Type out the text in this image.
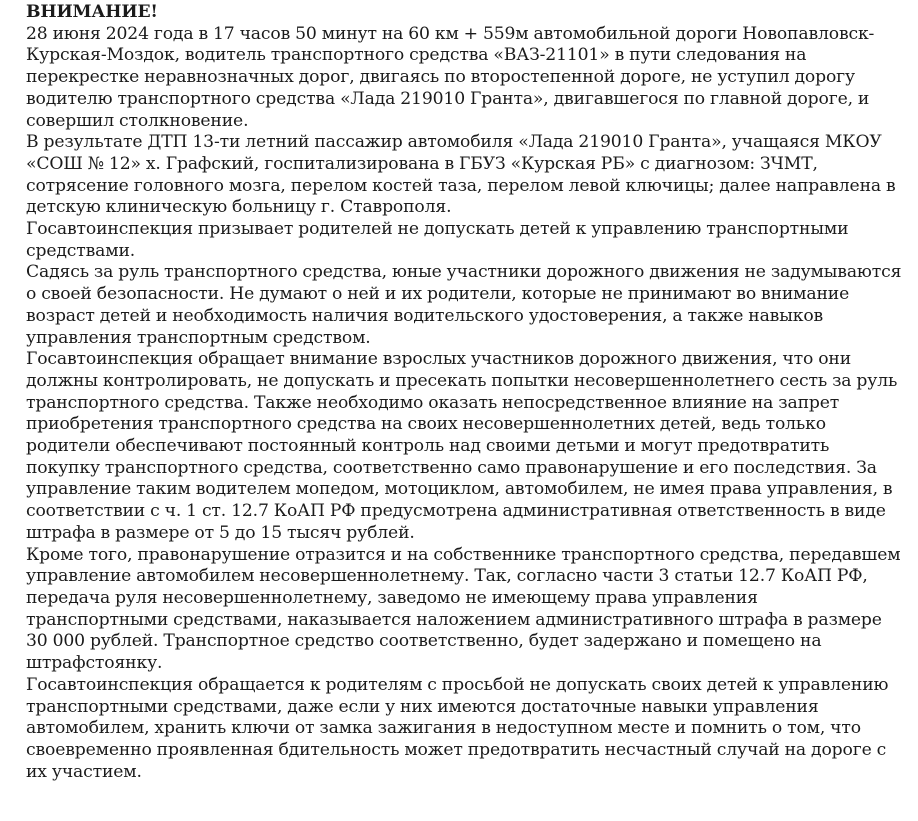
ВНИМАНИЕ!

28 июня 2024 года в 17 часов 50 минут на 60 км + 559м автомобильной дороги Новопавловск-Курская-Моздок, водитель транспортного средства «ВАЗ-21101» в пути следования на перекрестке неравнозначных дорог, двигаясь по второстепенной дороге, не уступил дорогу водителю транспортного средства «Лада 219010 Гранта», двигавшегося по главной дороге, и совершил столкновение.

В результате ДТП 13-ти летний пассажир автомобиля «Лада 219010 Гранта», учащаяся МКОУ «СОШ № 12» х. Графский, госпитализирована в ГБУЗ «Курская РБ» с диагнозом: ЗЧМТ, сотрясение головного мозга, перелом костей таза, перелом левой ключицы; далее направлена в детскую клиническую больницу г. Ставрополя.

Госавтоинспекция призывает родителей не допускать детей к управлению транспортными средствами.

Садясь за руль транспортного средства, юные участники дорожного движения не задумываются о своей безопасности. Не думают о ней и их родители, которые не принимают во внимание возраст детей и необходимость наличия водительского удостоверения, а также навыков управления транспортным средством.

Госавтоинспекция обращает внимание взрослых участников дорожного движения, что они должны контролировать, не допускать и пресекать попытки несовершеннолетнего сесть за руль транспортного средства. Также необходимо оказать непосредственное влияние на запрет приобретения транспортного средства на своих несовершеннолетних детей, ведь только родители обеспечивают постоянный контроль над своими детьми и могут предотвратить покупку транспортного средства, соответственно само правонарушение и его последствия. За управление таким водителем мопедом, мотоциклом, автомобилем, не имея права управления, в соответствии с ч. 1 ст. 12.7 КоАП РФ предусмотрена административная ответственность в виде штрафа в размере от 5 до 15 тысяч рублей.

Кроме того, правонарушение отразится и на собственнике транспортного средства, передавшем управление автомобилем несовершеннолетнему. Так, согласно части 3 статьи 12.7 КоАП РФ, передача руля несовершеннолетнему, заведомо не имеющему права управления транспортными средствами, наказывается наложением административного штрафа в размере 30 000 рублей. Транспортное средство соответственно, будет задержано и помещено на штрафстоянку.

Госавтоинспекция обращается к родителям с просьбой не допускать своих детей к управлению транспортными средствами, даже если у них имеются достаточные навыки управления автомобилем, хранить ключи от замка зажигания в недоступном месте и помнить о том, что своевременно проявленная бдительность может предотвратить несчастный случай на дороге с их участием.
